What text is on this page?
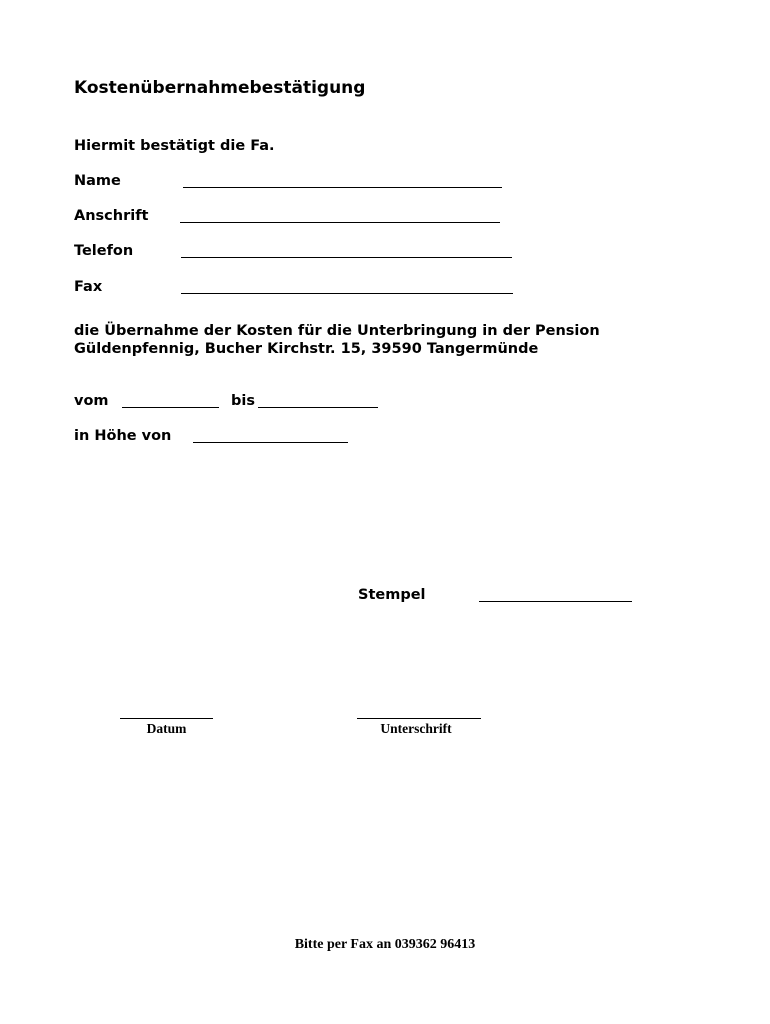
Kostenübernahmebestätigung
Hiermit bestätigt die Fa.
Name
Anschrift
Telefon
Fax
die Übernahme der Kosten für die Unterbringung in der Pension
Güldenpfennig, Bucher Kirchstr. 15, 39590 Tangermünde
vom	bis
in Höhe von
Stempel
Datum	Unterschrift
Bitte per Fax an 039362 96413
